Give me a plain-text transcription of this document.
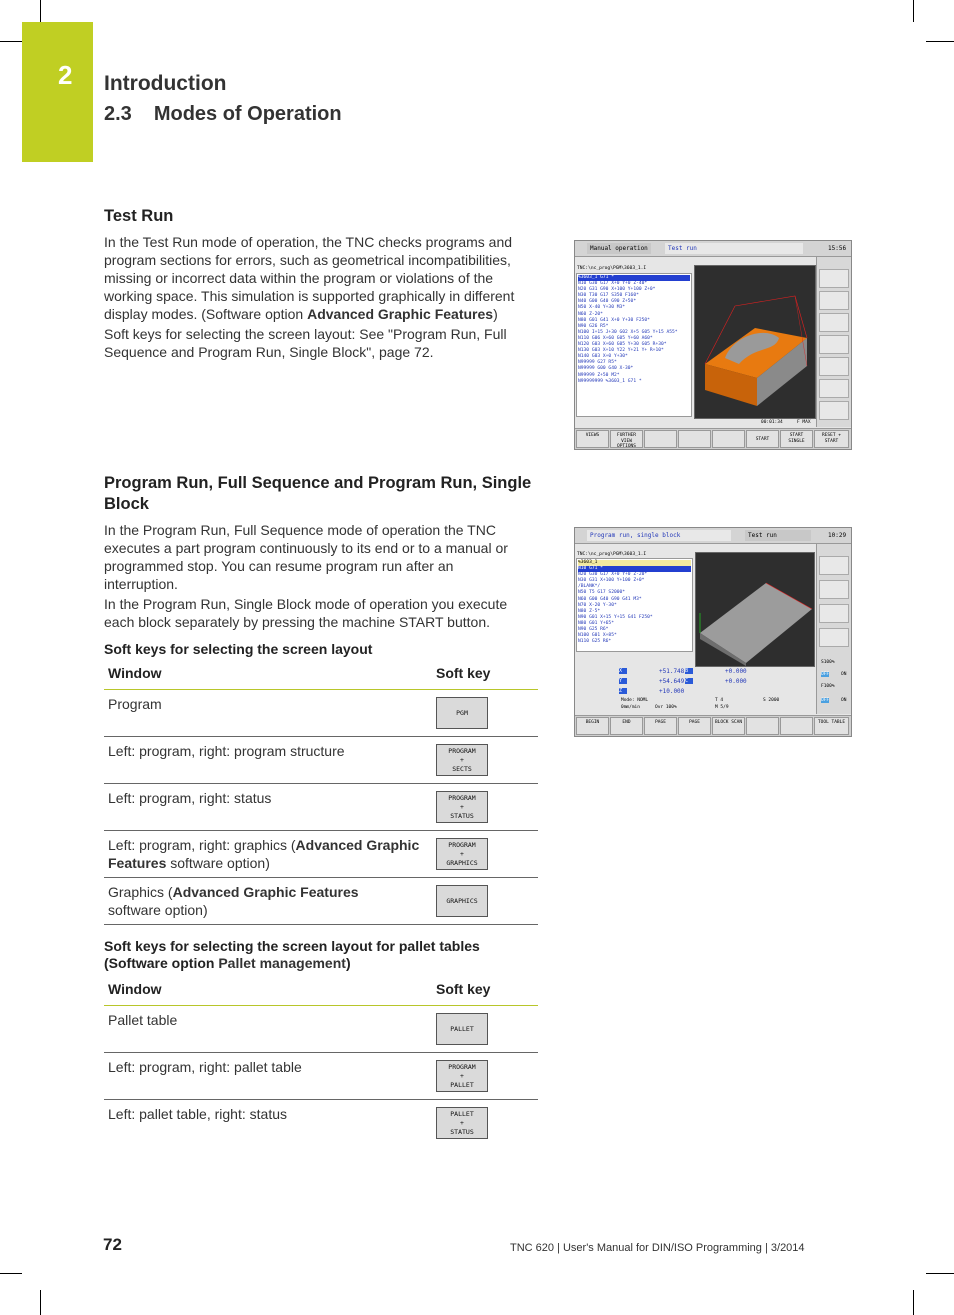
2 Introduction
2.3 Modes of Operation
Test Run

In the Test Run mode of operation, the TNC checks programs and program sections for errors, such as geometrical incompatibilities, missing or incorrect data within the program or violations of the working space. This simulation is supported graphically in different display modes. (Software option Advanced Graphic Features)

Soft keys for selecting the screen layout: See "Program Run, Full Sequence and Program Run, Single Block", page 72.

Manual operation	Test run	15:56
TNC:\nc_prog\PGM\3603_1.I
%3603_1 G71 *
N10 G30 G17 X+0 Y+0 Z-40*
N20 G31 G90 X+100 Y+100 Z+0*
N30 T30 G17 S350 F160*
N40 G00 G40 G90 Z+50*
N50 X-40 Y+30 M3*
N60 Z-20*
N80 G01 G41 X+0 Y+30 F250*
N90 G26 R5*
N100 I+15 J+30 G02 X+5 G05 Y+15 A55*
N110 G06 X+60 G05 Y+60 A60*
N120 G03 X+60 G05 Y+30 G05 R+30*
N130 G03 X+10 Y22 Y+21 Y+ R+10*
N140 G03 X+0 Y+30*
N99999 G27 R5*
N99999 G00 G40 X-30*
N99999 Z+50 M2*
N99999999 %3603_1 G71 *
00:01:34	F MAX
VIEWS	FURTHER VIEW OPTIONS
START
START SINGLE
RESET + START
Program Run, Full Sequence and Program Run, Single Block

In the Program Run, Full Sequence mode of operation the TNC executes a part program continuously to its end or to a manual or programmed stop. You can resume program run after an interruption.

In the Program Run, Single Block mode of operation you execute each block separately by pressing the machine START button.

Program run, single block	Test run	10:29
TNC:\nc_prog\PGM\3603_1.I
%3603_1
N10 G71 *
N20 G30 G17 X+0 Y+0 Z-20*
N30 G31 X+100 Y+100 Z+0*
/BLANK*/
N50 T5 G17 S2000*
N60 G00 G40 G90 G41 M3*
N70 X-20 Y-30*
N80 Z-5*
N90 G01 X+15 Y+15 G41 F250*
N80 G01 Y+65*
N90 G25 R6*
N100 G01 X+85*
N110 G25 R6*
S100%
OFF	ON
F100%
OFF	ON
X	+51.748 B	+0.000
Y	+54.649 C	+0.000
Z	+10.000
Mode: NOML	T 4	S 2000
0mm/min	Ovr 100%	M 5/9
BEGIN	END	PAGE	PAGE	BLOCK SCAN	TOOL TABLE
Soft keys for selecting the screen layout
Window	Soft key
Program	PGM

Left: program, right: program structure	PROGRAM
+
SECTS

Left: program, right: status	PROGRAM
+
STATUS

Left: program, right: graphics (Advanced Graphic Features software option)	PROGRAM
+
GRAPHICS

Graphics (Advanced Graphic Features software option)	GRAPHICS
Soft keys for selecting the screen layout for pallet tables (Software option Pallet management)
Window	Soft key
Pallet table	PALLET

Left: program, right: pallet table	PROGRAM
+
PALLET

Left: pallet table, right: status	PALLET
+
STATUS
72	TNC 620 | User's Manual for DIN/ISO Programming | 3/2014
